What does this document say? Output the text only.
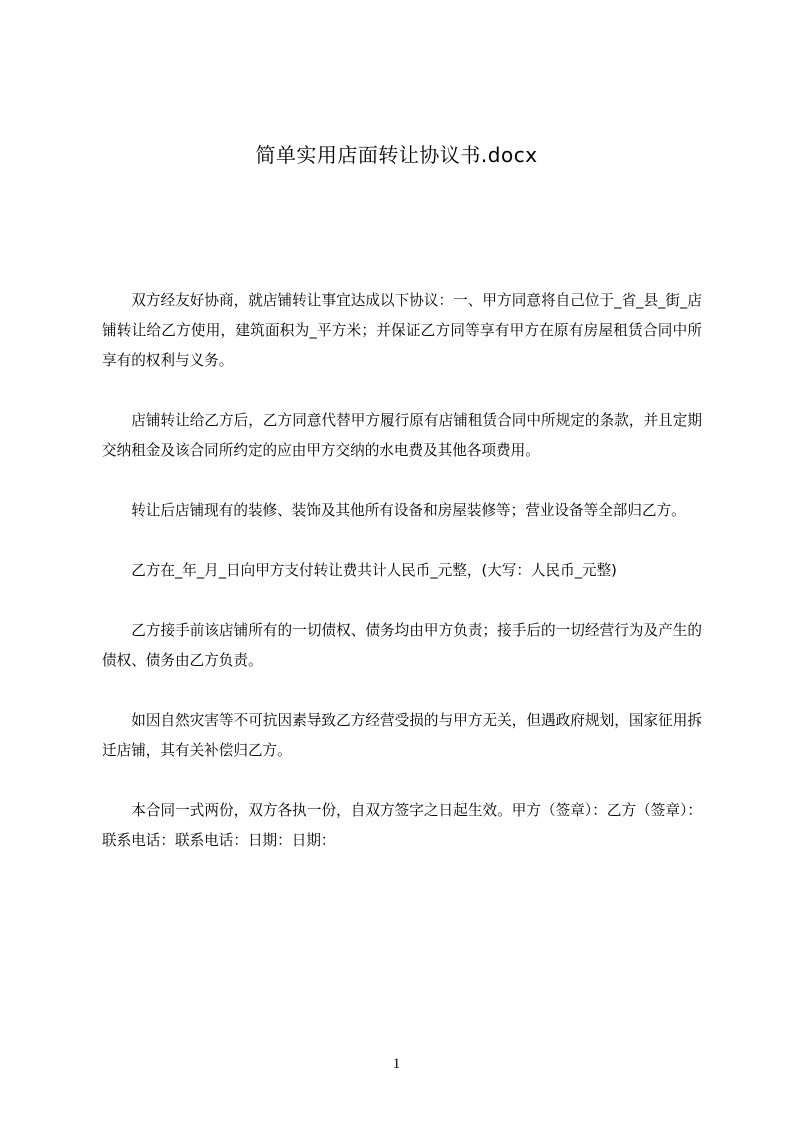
简单实用店面转让协议书.docx

双方经友好协商，就店铺转让事宜达成以下协议：一、甲方同意将自己位于_省_县_街_店铺转让给乙方使用，建筑面积为_平方米；并保证乙方同等享有甲方在原有房屋租赁合同中所享有的权利与义务。

店铺转让给乙方后，乙方同意代替甲方履行原有店铺租赁合同中所规定的条款，并且定期交纳租金及该合同所约定的应由甲方交纳的水电费及其他各项费用。

转让后店铺现有的装修、装饰及其他所有设备和房屋装修等；营业设备等全部归乙方。

乙方在_年_月_日向甲方支付转让费共计人民币_元整，(大写：人民币_元整)

乙方接手前该店铺所有的一切债权、债务均由甲方负责；接手后的一切经营行为及产生的债权、债务由乙方负责。

如因自然灾害等不可抗因素导致乙方经营受损的与甲方无关，但遇政府规划，国家征用拆迁店铺，其有关补偿归乙方。

本合同一式两份，双方各执一份，自双方签字之日起生效。甲方（签章）：乙方（签章）：联系电话：联系电话：日期：日期：

1
